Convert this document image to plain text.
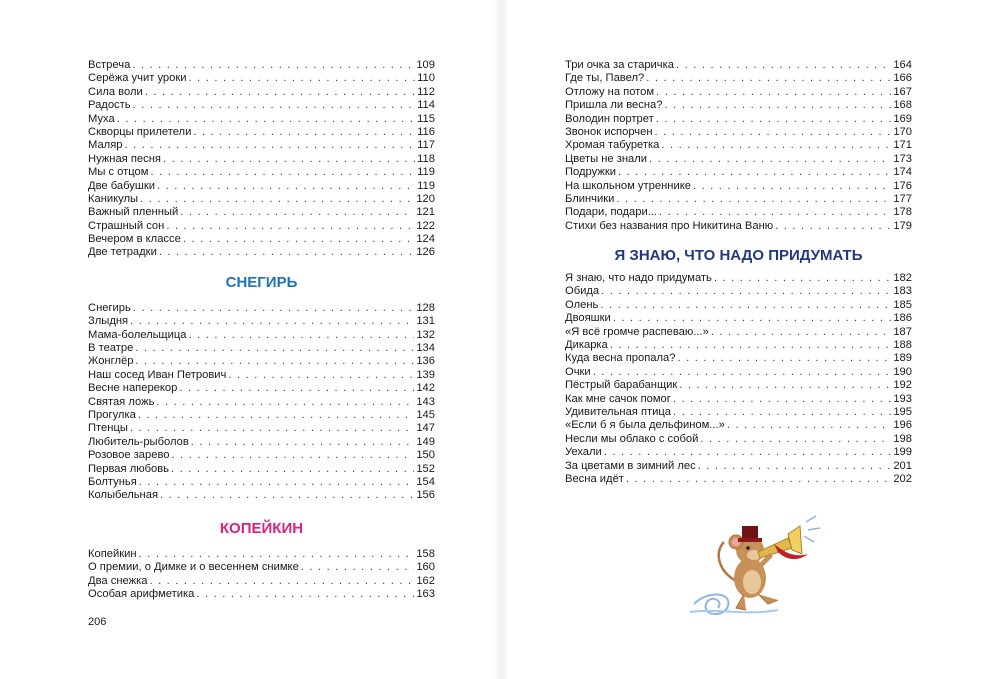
Встреча . . .	109
Серёжа учит уроки . . .	110
Сила воли . . .	112
Радость . . .	114
Муха . . .	115
Скворцы прилетели . . .	116
Маляр . . .	117
Нужная песня . . .	118
Мы с отцом . . .	119
Две бабушки . . .	119
Каникулы . . .	120
Важный пленный . . .	121
Страшный сон . . .	122
Вечером в классе . . .	124
Две тетрадки . . .	126
СНЕГИРЬ
Снегирь . . .	128
Злыдня . . .	131
Мама-болельщица . . .	132
В театре . . .	134
Жонглёр . . .	136
Наш сосед Иван Петрович . . .	139
Весне наперекор . . .	142
Святая ложь . . .	143
Прогулка . . .	145
Птенцы . . .	147
Любитель-рыболов . . .	149
Розовое зарево . . .	150
Первая любовь . . .	152
Болтунья . . .	154
Колыбельная . . .	156
КОПЕЙКИН
Копейкин . . .	158
О премии, о Димке и о весеннем снимке . . .	160
Два снежка . . .	162
Особая арифметика . . .	163
206
Три очка за старичка . . .	164
Где ты, Павел? . . .	166
Отложу на потом . . .	167
Пришла ли весна? . . .	168
Володин портрет . . .	169
Звонок испорчен . . .	170
Хромая табуретка . . .	171
Цветы не знали . . .	173
Подружки . . .	174
На школьном утреннике . . .	176
Блинчики . . .	177
Подари, подари... . . .	178
Стихи без названия про Никитина Ваню . . .	179
Я ЗНАЮ, ЧТО НАДО ПРИДУМАТЬ
Я знаю, что надо придумать . . .	182
Обида . . .	183
Олень . . .	185
Двояшки . . .	186
«Я всё громче распеваю...» . . .	187
Дикарка . . .	188
Куда весна пропала? . . .	189
Очки . . .	190
Пёстрый барабанщик . . .	192
Как мне сачок помог . . .	193
Удивительная птица . . .	195
«Если б я была дельфином...» . . .	196
Несли мы облако с собой . . .	198
Уехали . . .	199
За цветами в зимний лес . . .	201
Весна идёт . . .	202
